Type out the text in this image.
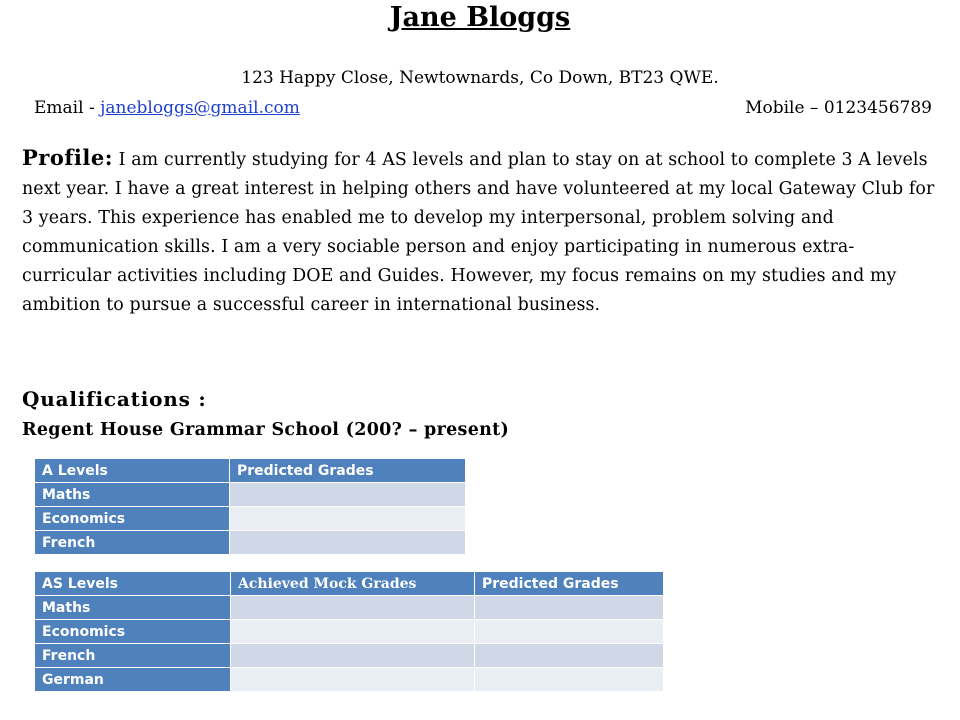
Jane Bloggs
123 Happy Close, Newtownards, Co Down, BT23 QWE.
Email - janebloggs@gmail.com	Mobile – 0123456789
Profile: I am currently studying for 4 AS levels and plan to stay on at school to complete 3 A levels next year. I have a great interest in helping others and have volunteered at my local Gateway Club for 3 years. This experience has enabled me to develop my interpersonal, problem solving and communication skills. I am a very sociable person and enjoy participating in numerous extra-curricular activities including DOE and Guides. However, my focus remains on my studies and my ambition to pursue a successful career in international business.
Qualifications :
Regent House Grammar School (200? – present)
A Levels	Predicted Grades
Maths	
Economics	
French	
AS Levels	Achieved Mock Grades	Predicted Grades
Maths		
Economics		
French		
German		
